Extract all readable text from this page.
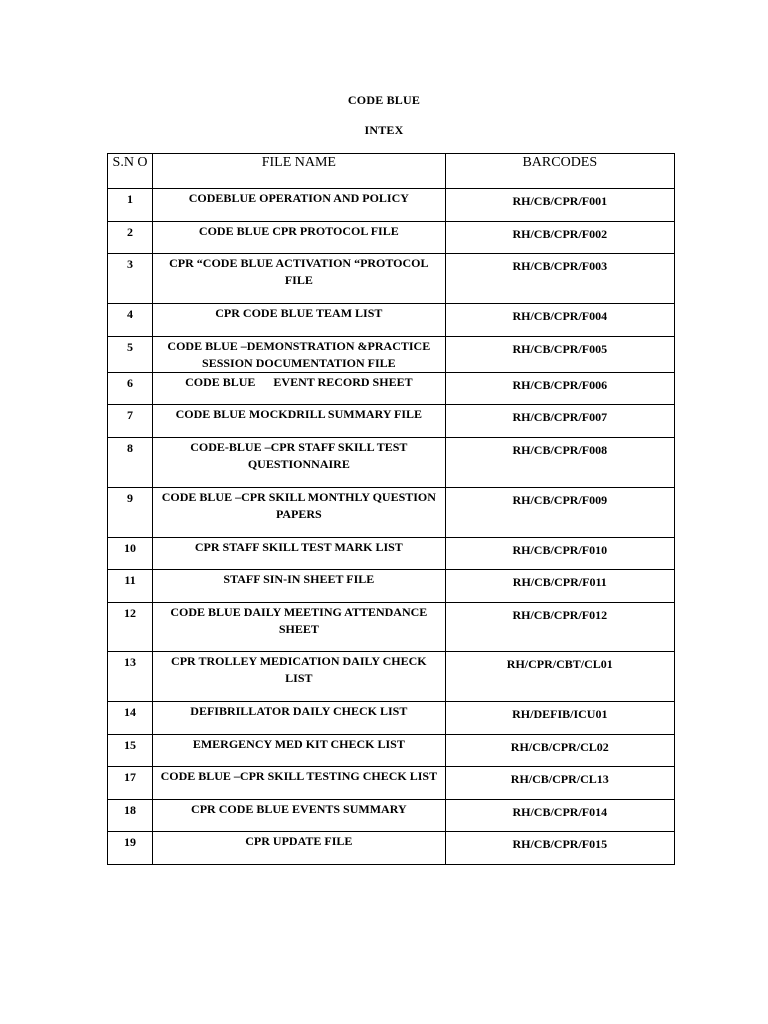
CODE BLUE
INTEX
S.N O	FILE NAME	BARCODES
1	CODEBLUE OPERATION AND POLICY	RH/CB/CPR/F001
2	CODE BLUE CPR PROTOCOL FILE	RH/CB/CPR/F002
3	CPR “CODE BLUE ACTIVATION “PROTOCOL FILE	RH/CB/CPR/F003
4	CPR CODE BLUE TEAM LIST	RH/CB/CPR/F004
5	CODE BLUE –DEMONSTRATION &PRACTICE SESSION DOCUMENTATION FILE	RH/CB/CPR/F005
6	CODE BLUE      EVENT RECORD SHEET	RH/CB/CPR/F006
7	CODE BLUE MOCKDRILL SUMMARY FILE	RH/CB/CPR/F007
8	CODE-BLUE –CPR STAFF SKILL TEST QUESTIONNAIRE	RH/CB/CPR/F008
9	CODE BLUE –CPR SKILL MONTHLY QUESTION PAPERS	RH/CB/CPR/F009
10	CPR STAFF SKILL TEST MARK LIST	RH/CB/CPR/F010
11	STAFF SIN-IN SHEET FILE	RH/CB/CPR/F011
12	CODE BLUE DAILY MEETING ATTENDANCE SHEET	RH/CB/CPR/F012
13	CPR TROLLEY MEDICATION DAILY CHECK LIST	RH/CPR/CBT/CL01
14	DEFIBRILLATOR DAILY CHECK LIST	RH/DEFIB/ICU01
15	EMERGENCY MED KIT CHECK LIST	RH/CB/CPR/CL02
17	CODE BLUE –CPR SKILL TESTING CHECK LIST	RH/CB/CPR/CL13
18	CPR CODE BLUE EVENTS SUMMARY	RH/CB/CPR/F014
19	CPR UPDATE FILE	RH/CB/CPR/F015
